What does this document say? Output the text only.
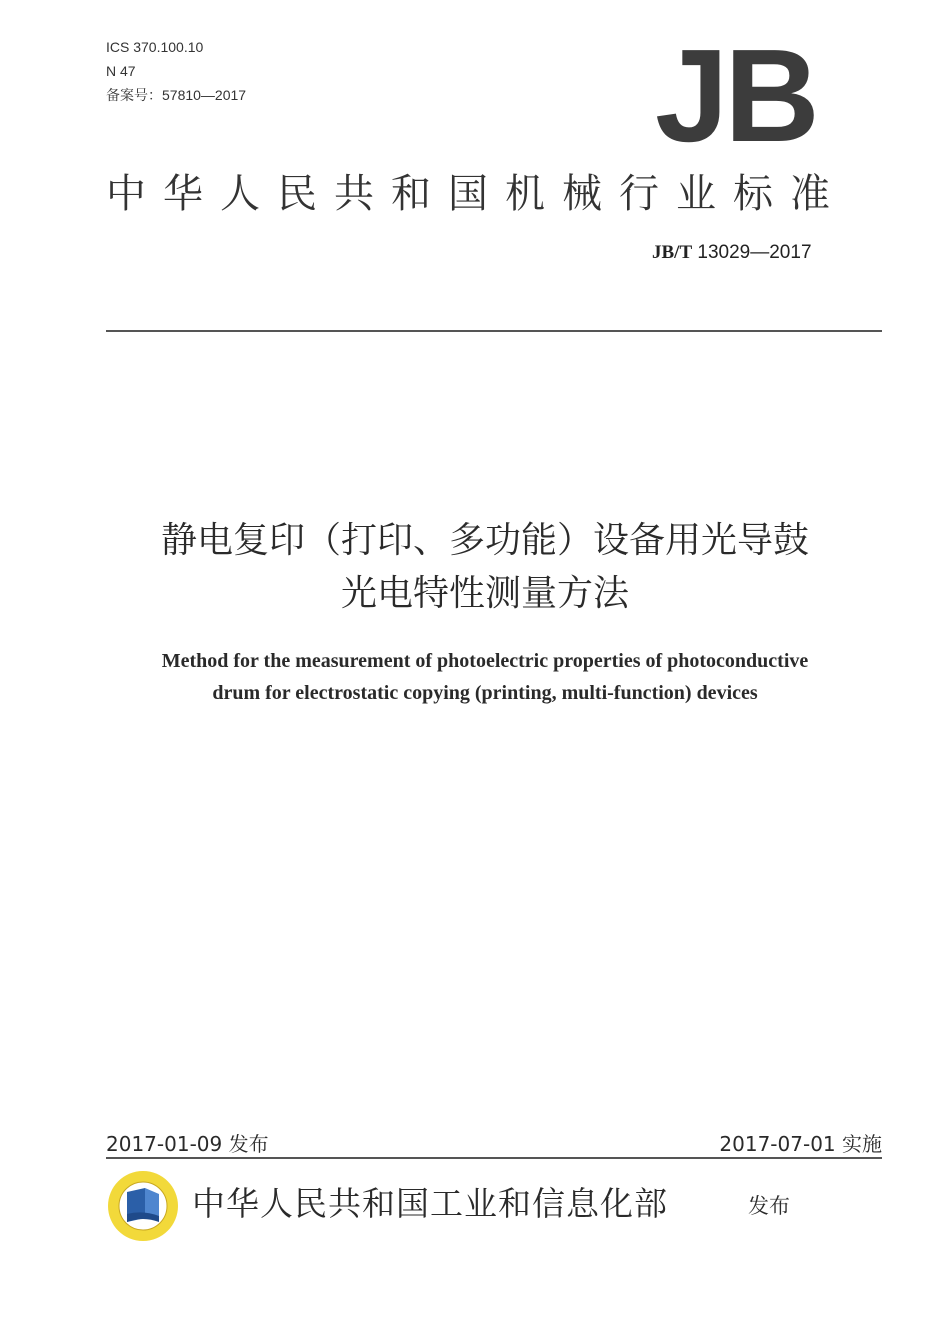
ICS 370.100.10
N 47
备案号：57810—2017	JB
中华人民共和国机械行业标准
JB/T 13029—2017
静电复印（打印、多功能）设备用光导鼓
光电特性测量方法
Method for the measurement of photoelectric properties of photoconductive
drum for electrostatic copying (printing, multi-function) devices
2017-01-09 发布	2017-07-01 实施
中华人民共和国工业和信息化部	发布
